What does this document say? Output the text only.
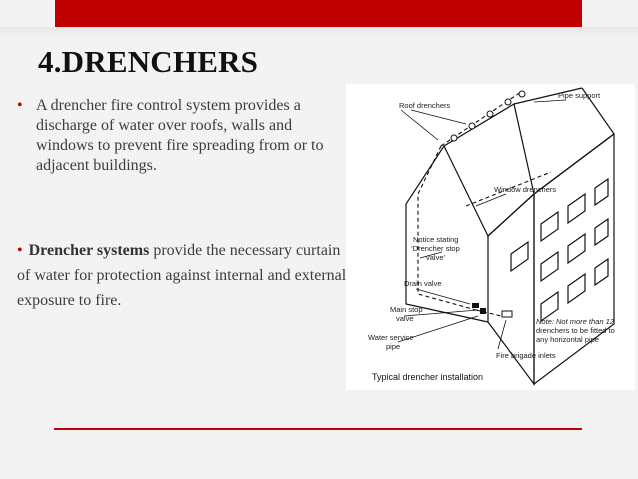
4.DRENCHERS
• A drencher fire control system provides a discharge of water over roofs, walls and windows to prevent fire spreading from or to adjacent buildings.
• Drencher systems provide the necessary curtain of water for protection against internal and external exposure to fire.
Roof drenchers
Pipe support
Window drenchers
Notice stating
‘Drencher stop
valve’
Drain valve
Main stop
valve
Water service
pipe
Fire brigade inlets
Note: Not more than 12
drenchers to be fitted to
any horizontal pipe
Typical drencher installation
